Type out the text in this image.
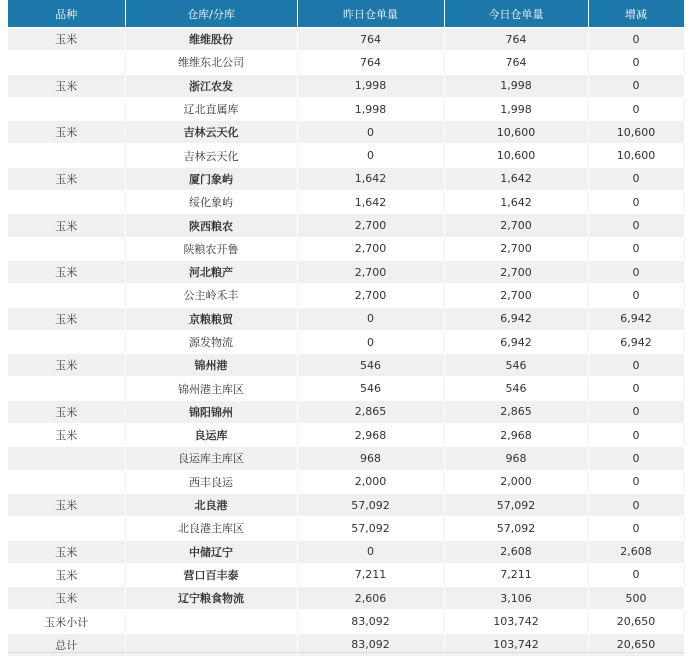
品种	仓库/分库	昨日仓单量	今日仓单量	增减
玉米	维维股份	764	764	0
	维维东北公司	764	764	0
玉米	浙江农发	1,998	1,998	0
	辽北直属库	1,998	1,998	0
玉米	吉林云天化	0	10,600	10,600
	吉林云天化	0	10,600	10,600
玉米	厦门象屿	1,642	1,642	0
	绥化象屿	1,642	1,642	0
玉米	陕西粮农	2,700	2,700	0
	陕粮农开鲁	2,700	2,700	0
玉米	河北粮产	2,700	2,700	0
	公主岭禾丰	2,700	2,700	0
玉米	京粮粮贸	0	6,942	6,942
	源发物流	0	6,942	6,942
玉米	锦州港	546	546	0
	锦州港主库区	546	546	0
玉米	锦阳锦州	2,865	2,865	0
玉米	良运库	2,968	2,968	0
	良运库主库区	968	968	0
	西丰良运	2,000	2,000	0
玉米	北良港	57,092	57,092	0
	北良港主库区	57,092	57,092	0
玉米	中储辽宁	0	2,608	2,608
玉米	营口百丰泰	7,211	7,211	0
玉米	辽宁粮食物流	2,606	3,106	500
玉米小计		83,092	103,742	20,650
总计		83,092	103,742	20,650
